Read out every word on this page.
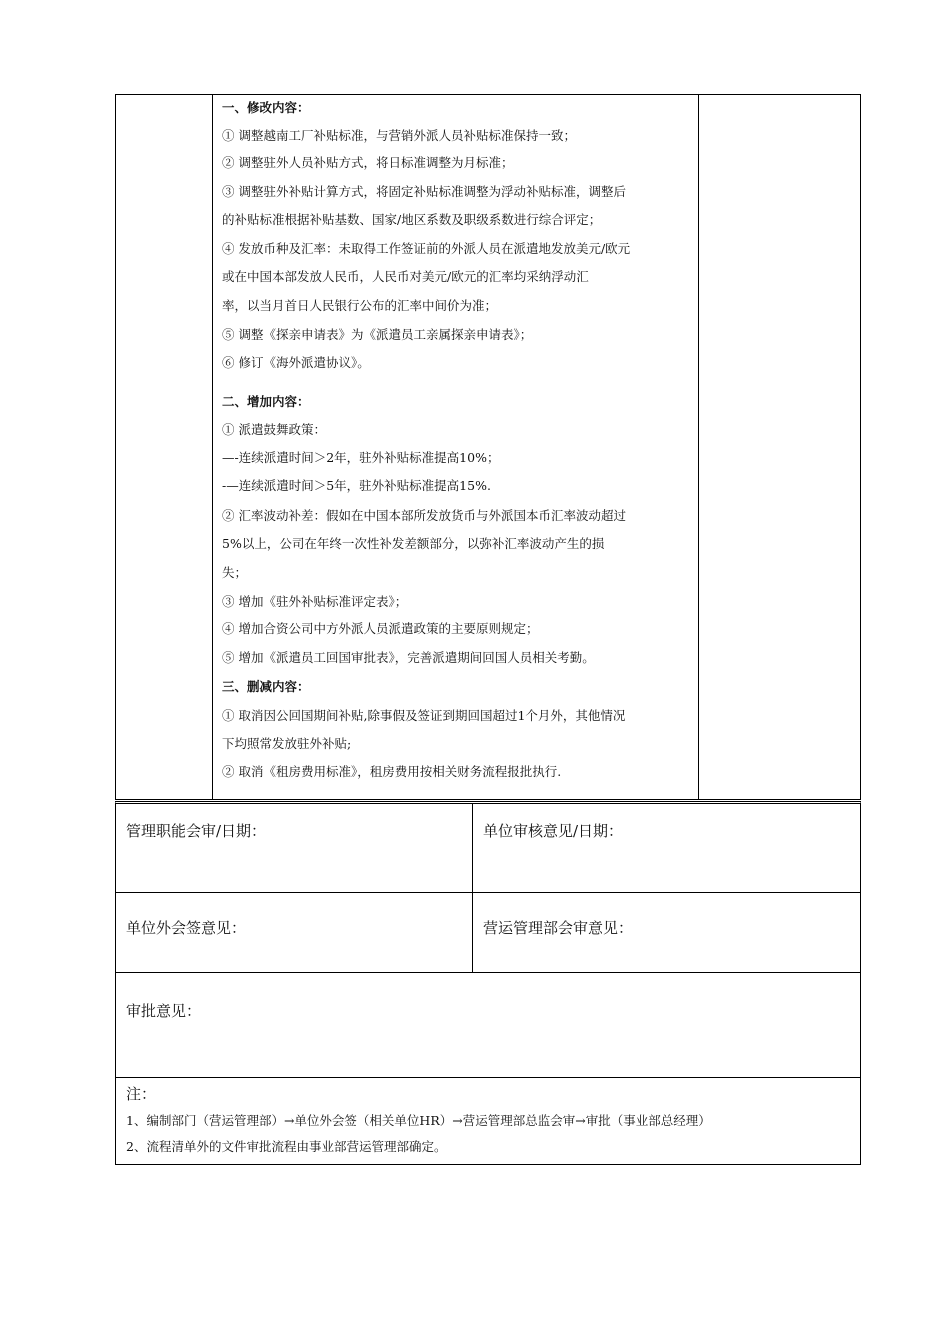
一、修改内容：
① 调整越南工厂补贴标准，与营销外派人员补贴标准保持一致；
② 调整驻外人员补贴方式，将日标准调整为月标准；
③ 调整驻外补贴计算方式，将固定补贴标准调整为浮动补贴标准，调整后
的补贴标准根据补贴基数、国家/地区系数及职级系数进行综合评定；
④ 发放币种及汇率：未取得工作签证前的外派人员在派遣地发放美元/欧元
或在中国本部发放人民币，人民币对美元/欧元的汇率均采纳浮动汇
率，以当月首日人民银行公布的汇率中间价为准；
⑤ 调整《探亲申请表》为《派遣员工亲属探亲申请表》；
⑥ 修订《海外派遣协议》。
二、增加内容：
① 派遣鼓舞政策：
—-连续派遣时间＞2年，驻外补贴标准提高10%；
-—连续派遣时间＞5年，驻外补贴标准提高15%.
② 汇率波动补差：假如在中国本部所发放货币与外派国本币汇率波动超过
5%以上，公司在年终一次性补发差额部分，以弥补汇率波动产生的损
失；
③ 增加《驻外补贴标准评定表》；
④ 增加合资公司中方外派人员派遣政策的主要原则规定；
⑤ 增加《派遣员工回国审批表》，完善派遣期间回国人员相关考勤。
三、删减内容：
① 取消因公回国期间补贴,除事假及签证到期回国超过1个月外，其他情况
下均照常发放驻外补贴;
② 取消《租房费用标准》，租房费用按相关财务流程报批执行.
管理职能会审/日期：	单位审核意见/日期：
单位外会签意见：	营运管理部会审意见：
审批意见：
注：
1、编制部门（营运管理部）→单位外会签（相关单位HR）→营运管理部总监会审→审批（事业部总经理）
2、流程清单外的文件审批流程由事业部营运管理部确定。
